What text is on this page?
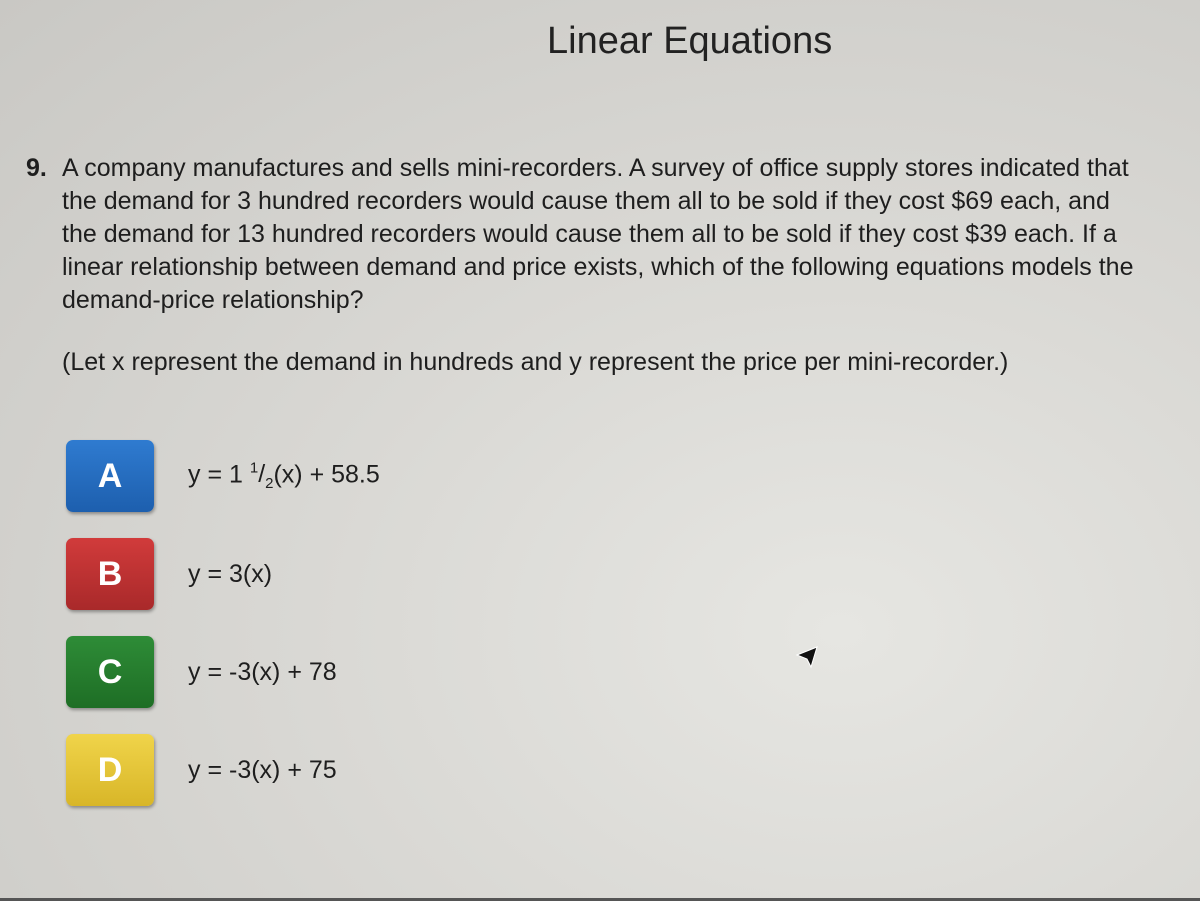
Linear Equations
9. A company manufactures and sells mini-recorders. A survey of office supply stores indicated that the demand for 3 hundred recorders would cause them all to be sold if they cost $69 each, and the demand for 13 hundred recorders would cause them all to be sold if they cost $39 each. If a linear relationship between demand and price exists, which of the following equations models the demand-price relationship?
(Let x represent the demand in hundreds and y represent the price per mini-recorder.)
A	y = 1 $^1/_2(x) + 58.5$
B	y = 3(x)
C	y = -3(x) + 78
D	y = -3(x) + 75
